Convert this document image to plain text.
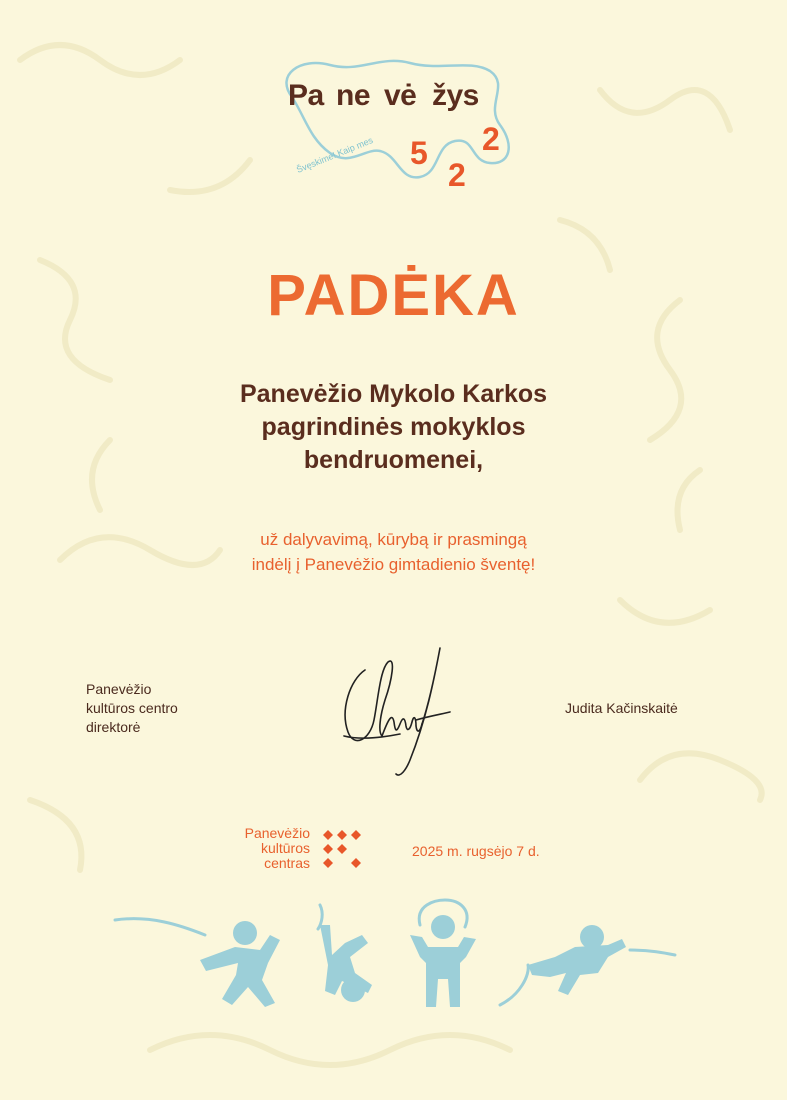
Švęskime! Kaip mes
Pa ne vė žys
5
2
2
PADĖKA
Panevėžio Mykolo Karkos
pagrindinės mokyklos
bendruomenei,
už dalyvavimą, kūrybą ir prasmingą
indėlį į Panevėžio gimtadienio šventę!
Panevėžio
kultūros centro
direktorė
Judita Kačinskaitė
Panevėžio
kultūros
centras
2025 m. rugsėjo 7 d.
